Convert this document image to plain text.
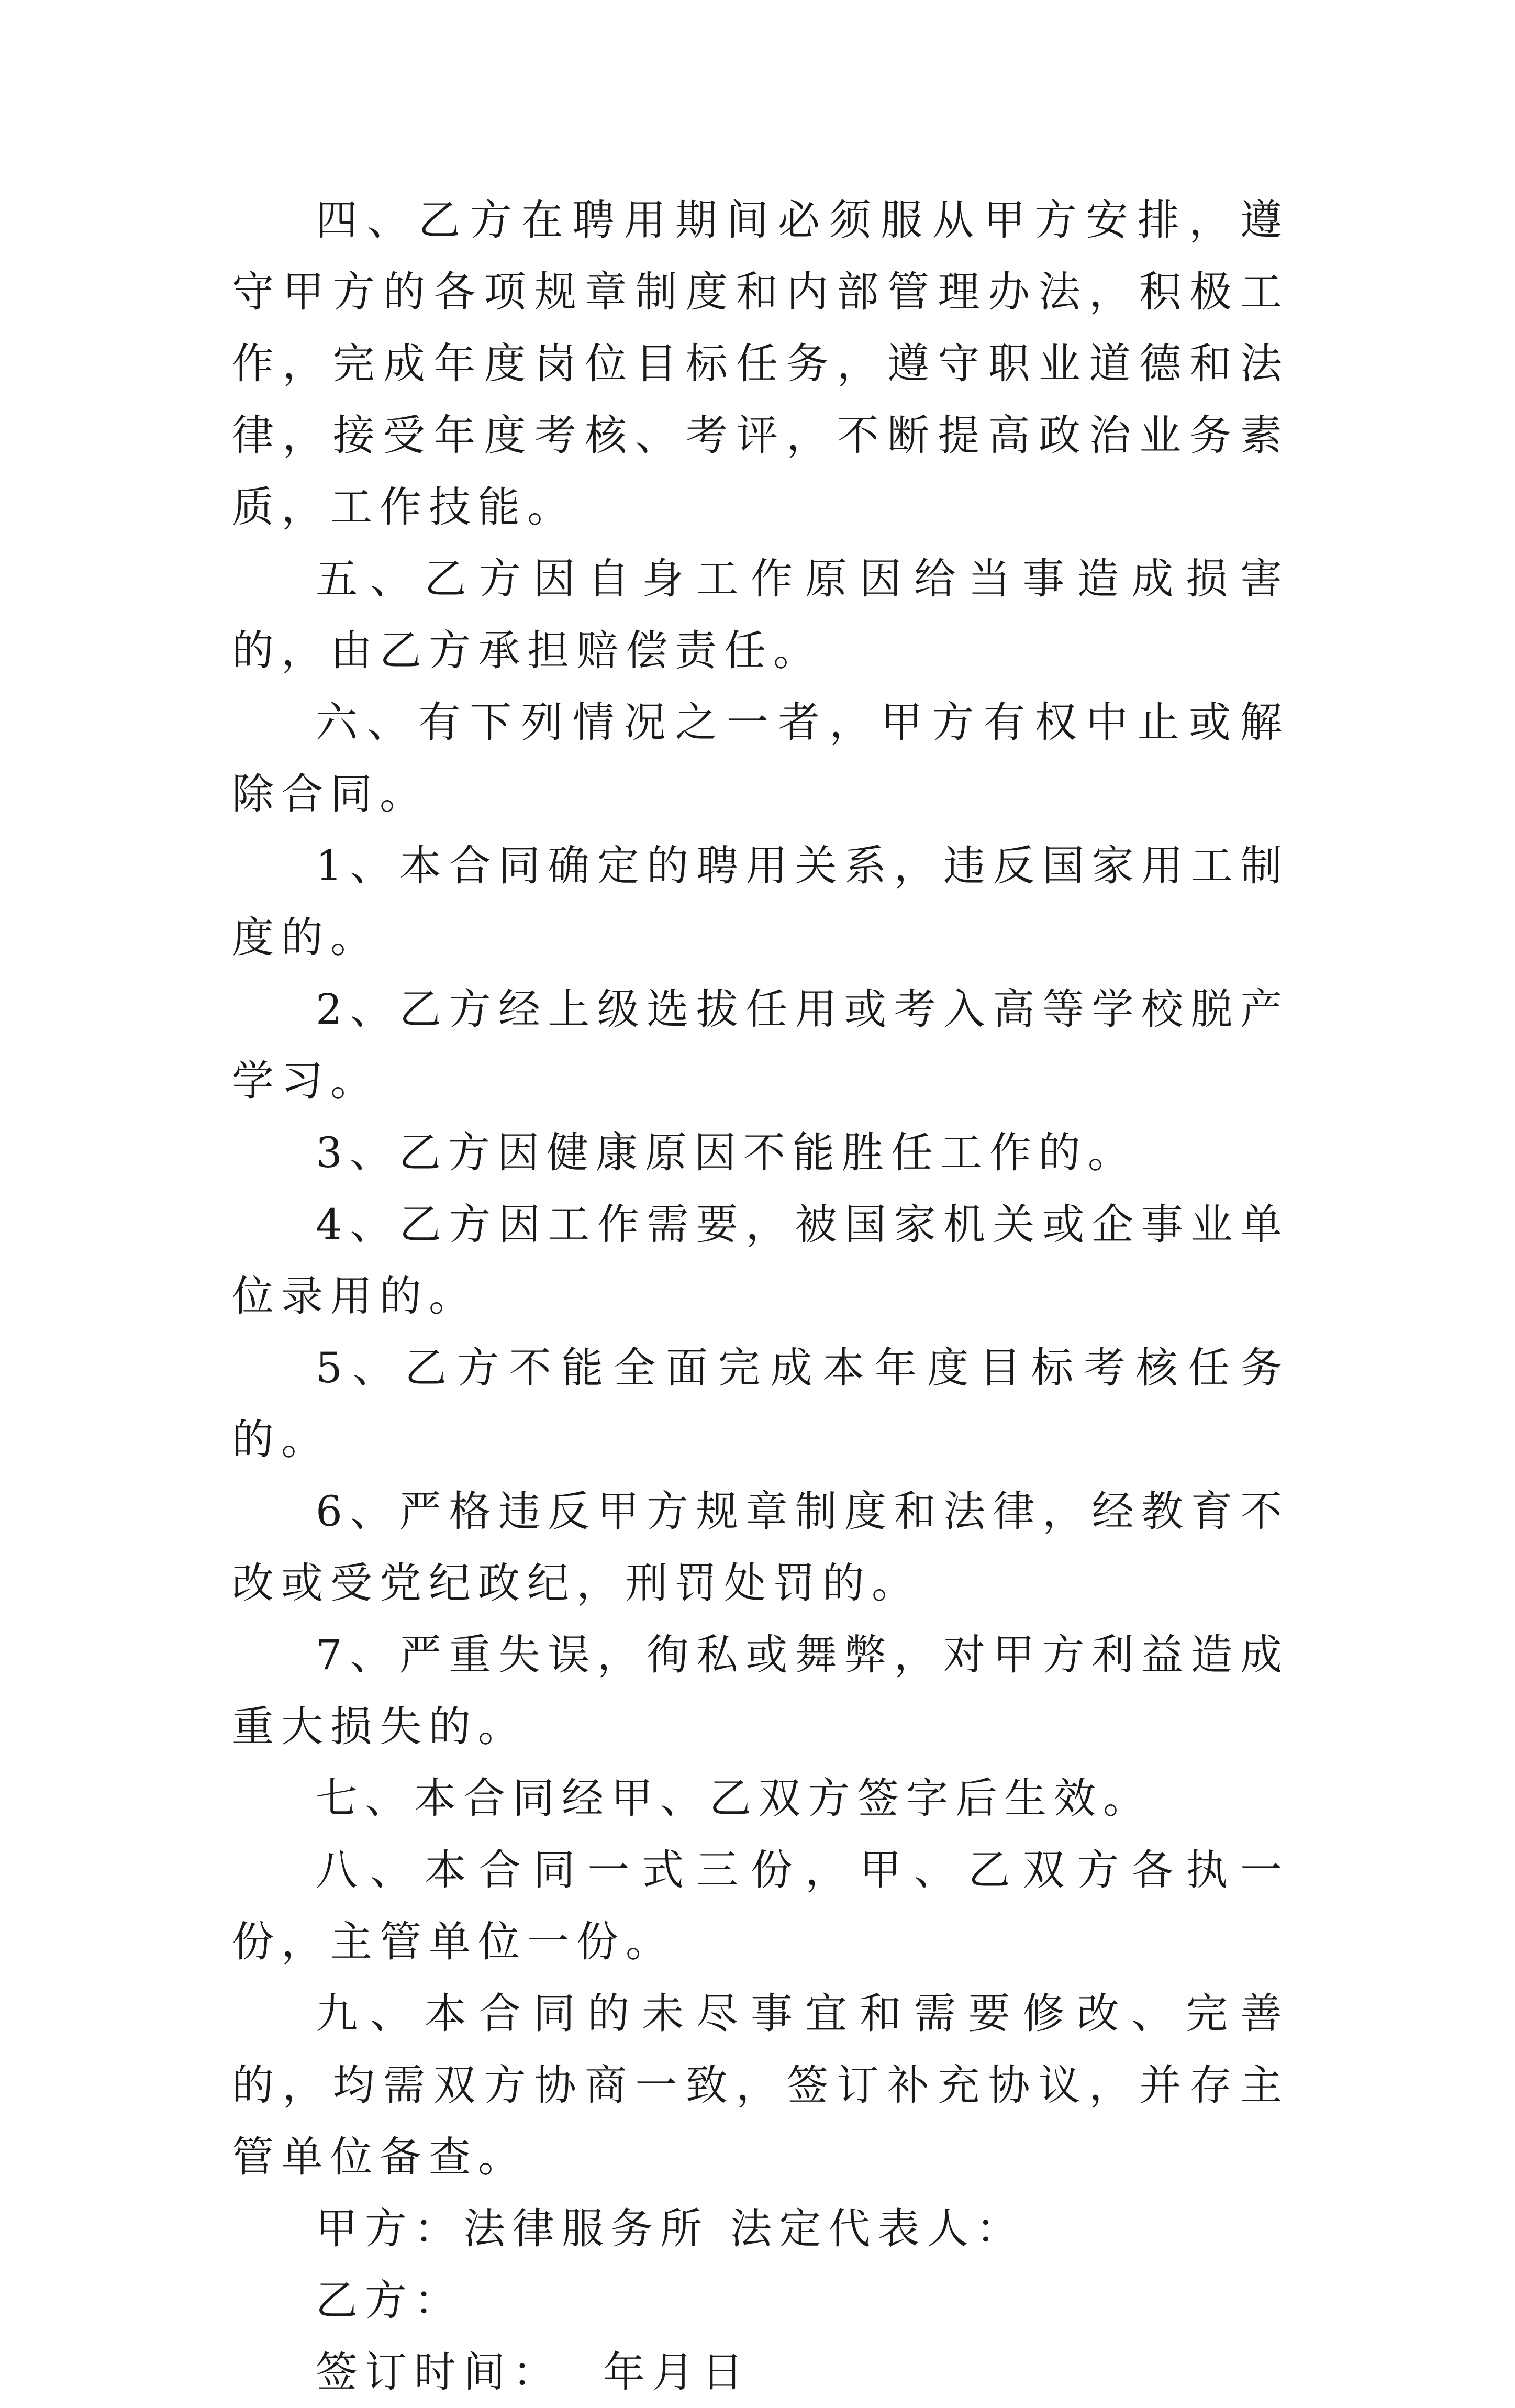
四、乙方在聘用期间必须服从甲方安排，遵守甲方的各项规章制度和内部管理办法，积极工作，完成年度岗位目标任务，遵守职业道德和法律，接受年度考核、考评，不断提高政治业务素质，工作技能。

五、乙方因自身工作原因给当事造成损害的，由乙方承担赔偿责任。

六、有下列情况之一者，甲方有权中止或解除合同。

1、本合同确定的聘用关系，违反国家用工制度的。

2、乙方经上级选拔任用或考入高等学校脱产学习。

3、乙方因健康原因不能胜任工作的。

4、乙方因工作需要，被国家机关或企事业单位录用的。

5、乙方不能全面完成本年度目标考核任务的。

6、严格违反甲方规章制度和法律，经教育不改或受党纪政纪，刑罚处罚的。

7、严重失误，徇私或舞弊，对甲方利益造成重大损失的。

七、本合同经甲、乙双方签字后生效。

八、本合同一式三份，甲、乙双方各执一份，主管单位一份。

九、本合同的未尽事宜和需要修改、完善的，均需双方协商一致，签订补充协议，并存主管单位备查。

甲方：法律服务所 法定代表人：

乙方：

签订时间：  年月日
